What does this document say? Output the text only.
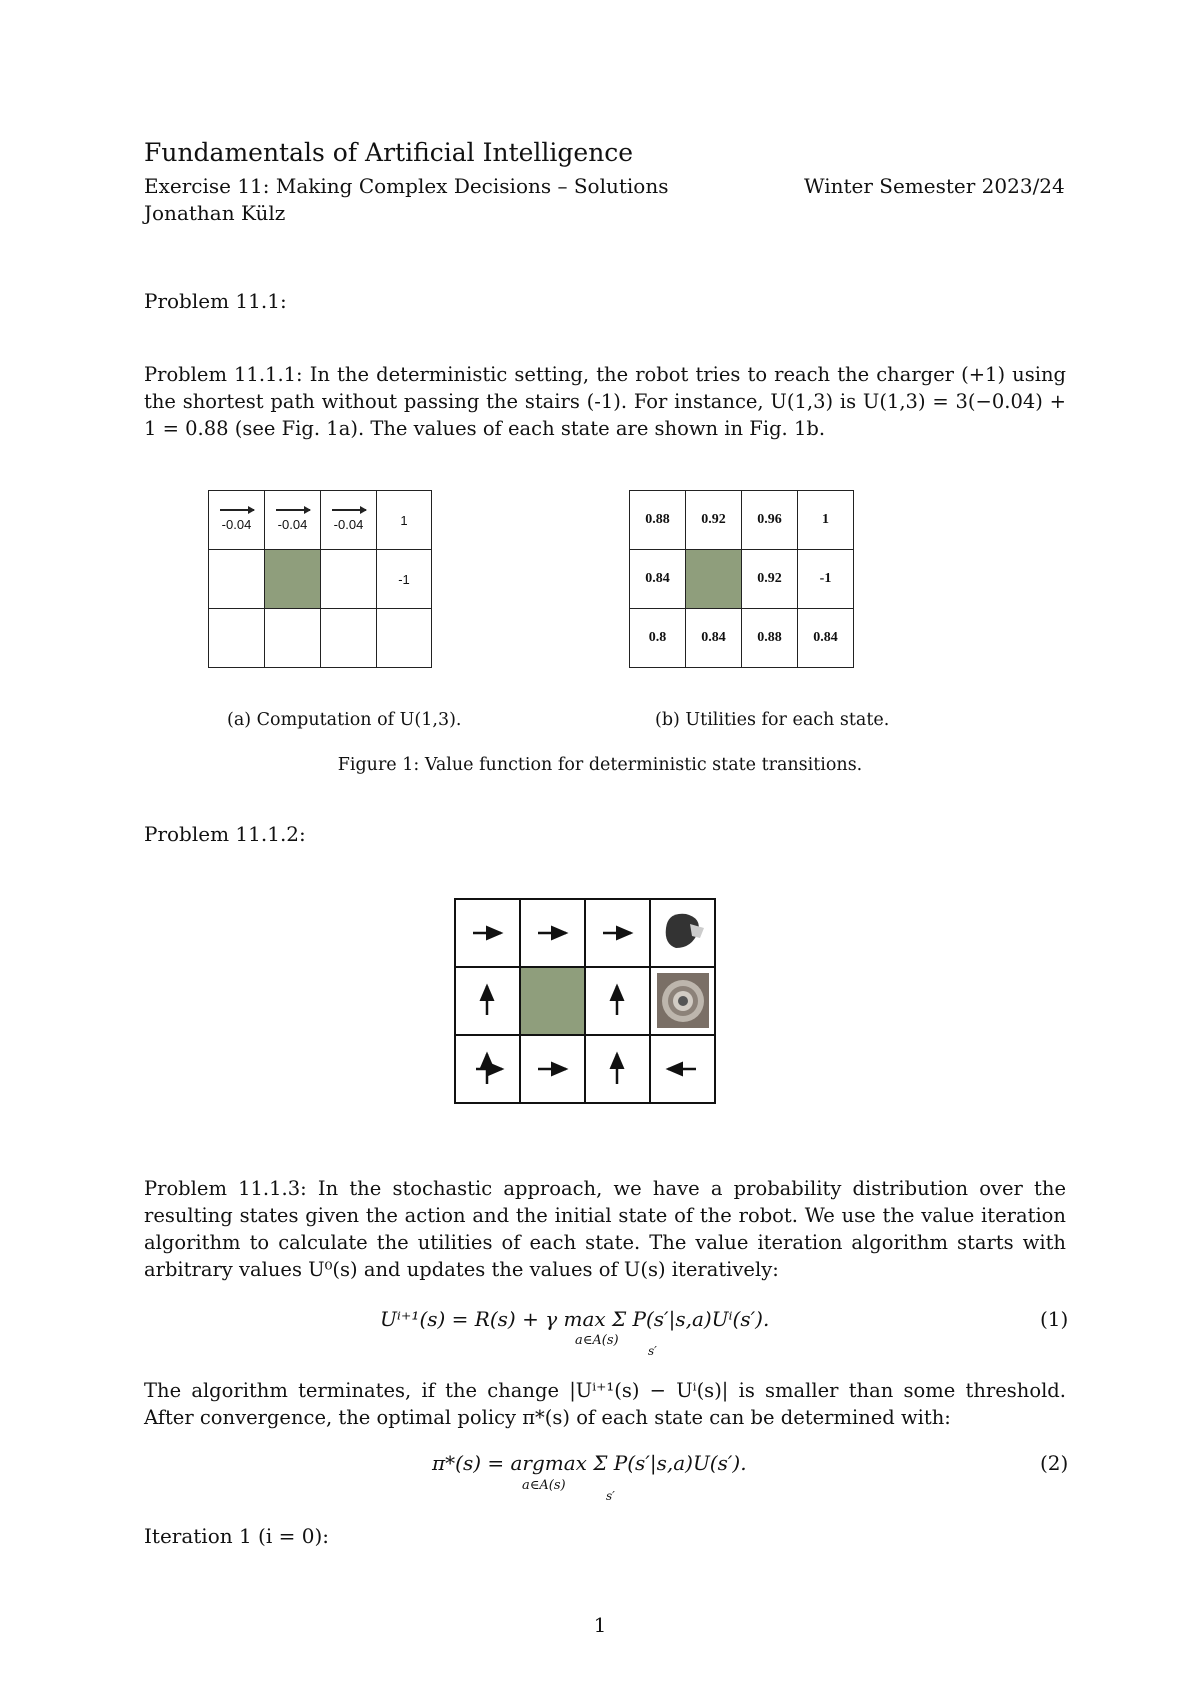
Fundamentals of Artificial Intelligence
Exercise 11: Making Complex Decisions – Solutions	Winter Semester 2023/24
Jonathan Külz
Problem 11.1:
Problem 11.1.1: In the deterministic setting, the robot tries to reach the charger (+1) using the shortest path without passing the stairs (-1). For instance, U(1,3) is U(1,3) = 3(−0.04) + 1 = 0.88 (see Fig. 1a). The values of each state are shown in Fig. 1b.
-0.04	-0.04	-0.04	1
			-1

0.88	0.92	0.96	1
0.84		0.92	-1
0.8	0.84	0.88	0.84
(a) Computation of U(1,3).	(b) Utilities for each state.
Figure 1: Value function for deterministic state transitions.
Problem 11.1.2:
Problem 11.1.3: In the stochastic approach, we have a probability distribution over the resulting states given the action and the initial state of the robot. We use the value iteration algorithm to calculate the utilities of each state. The value iteration algorithm starts with arbitrary values U⁰(s) and updates the values of U(s) iteratively:
Uⁱ⁺¹(s) = R(s) + γ max Σ P(s′|s,a)Uⁱ(s′).
a∈A(s)
s′
(1)
The algorithm terminates, if the change |Uⁱ⁺¹(s) − Uⁱ(s)| is smaller than some threshold. After convergence, the optimal policy π*(s) of each state can be determined with:
π*(s) = argmax Σ P(s′|s,a)U(s′).
a∈A(s)
s′
(2)
Iteration 1 (i = 0):
1
